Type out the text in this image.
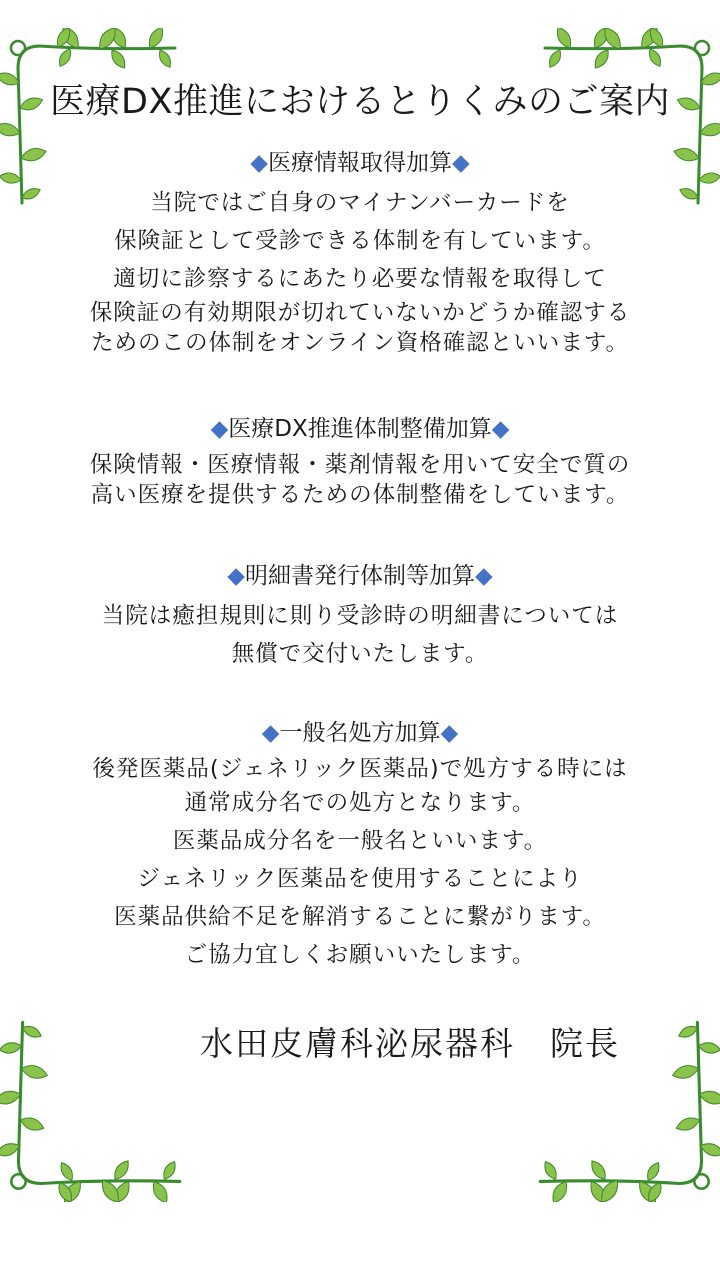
医療DX推進におけるとりくみのご案内
◆医療情報取得加算◆
当院ではご自身のマイナンバーカードを
保険証として受診できる体制を有しています。
適切に診察するにあたり必要な情報を取得して
保険証の有効期限が切れていないかどうか確認する
ためのこの体制をオンライン資格確認といいます。
◆医療DX推進体制整備加算◆
保険情報・医療情報・薬剤情報を用いて安全で質の
高い医療を提供するための体制整備をしています。
◆明細書発行体制等加算◆
当院は癒担規則に則り受診時の明細書については
無償で交付いたします。
◆一般名処方加算◆
後発医薬品(ジェネリック医薬品)で処方する時には
通常成分名での処方となります。
医薬品成分名を一般名といいます。
ジェネリック医薬品を使用することにより
医薬品供給不足を解消することに繋がります。
ご協力宜しくお願いいたします。
水田皮膚科泌尿器科　院長
